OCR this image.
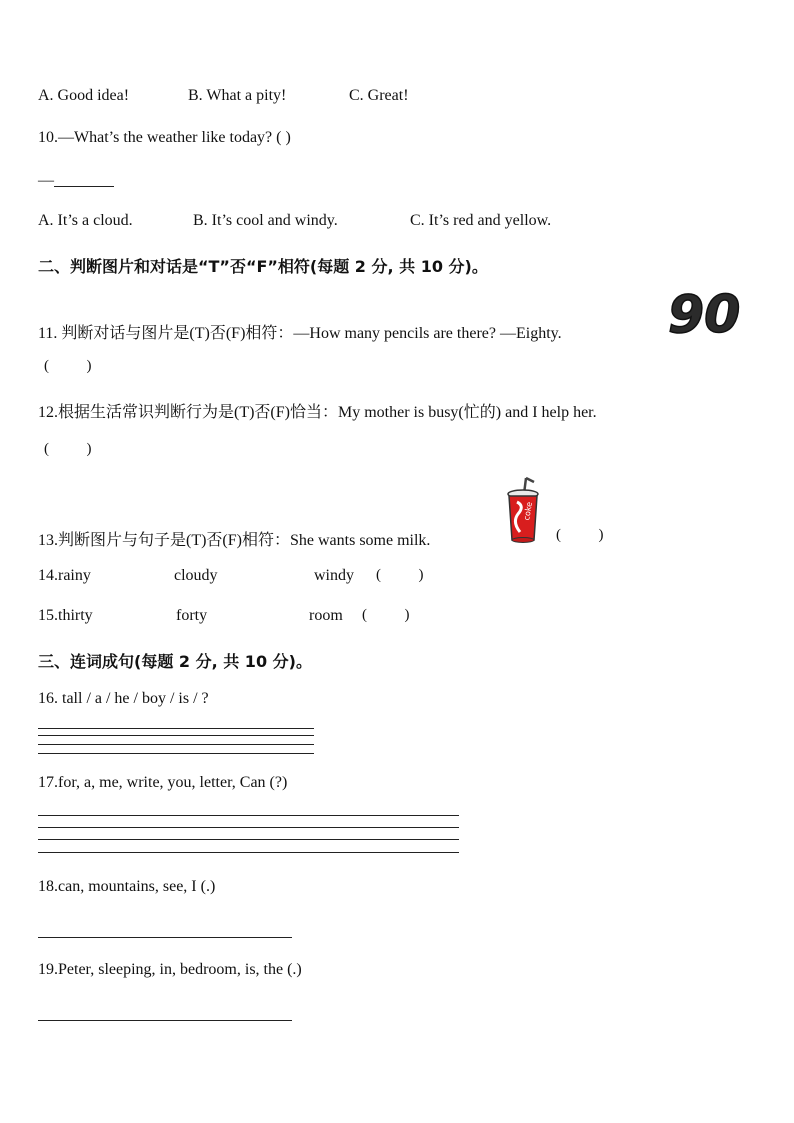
A. Good idea!	B. What a pity!	C. Great!
10.—What’s the weather like today? ( )
—
A. It’s a cloud.	B. It’s cool and windy.	C. It’s red and yellow.
二、判断图片和对话是“T”否“F”相符(每题 2 分, 共 10 分)。
11. 判断对话与图片是(T)否(F)相符：—How many pencils are there? —Eighty. 90
(          )
12.根据生活常识判断行为是(T)否(F)恰当：My mother is busy(忙的) and I help her.
(          )
13.判断图片与句子是(T)否(F)相符：She wants some milk.
coke
(          )
14.rainy	cloudy	windy (          )
15.thirty	forty	room (          )
三、连词成句(每题 2 分, 共 10 分)。
16. tall / a / he / boy / is / ?
17.for, a, me, write, you, letter, Can (?)
18.can, mountains, see, I (.)
19.Peter, sleeping, in, bedroom, is, the (.)
